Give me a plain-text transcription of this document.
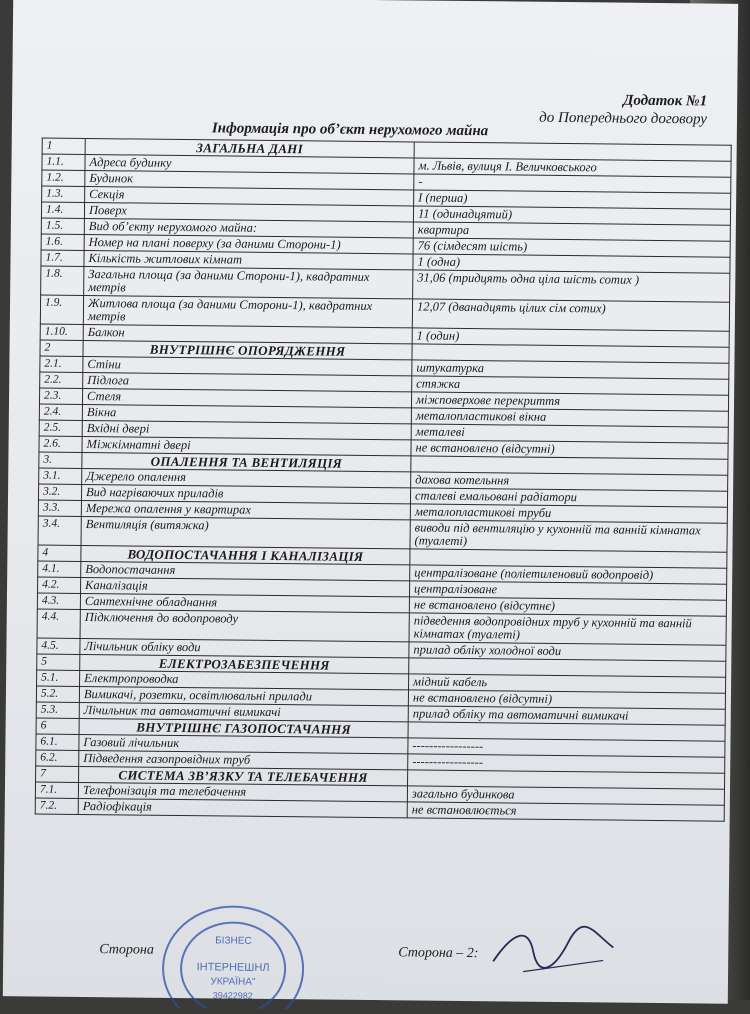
Додаток №1
до Попереднього договору
Інформація про об’єкт нерухомого майна
1	ЗАГАЛЬНА ДАНІ	
1.1.	Адреса будинку	м. Львів, вулиця І. Величковського
1.2.	Будинок	-
1.3.	Секція	І (перша)
1.4.	Поверх	11 (одинадцятий)
1.5.	Вид об’єкту нерухомого майна:	квартира
1.6.	Номер на плані поверху (за даними Сторони-1)	76 (сімдесят шість)
1.7.	Кількість житлових кімнат	1 (одна)
1.8.	Загальна площа (за даними Сторони-1), квадратних метрів	31,06 (тридцять одна ціла шість сотих )
1.9.	Житлова площа (за даними Сторони-1), квадратних метрів	12,07 (дванадцять цілих сім сотих)
1.10.	Балкон	1 (один)
2	ВНУТРІШНЄ ОПОРЯДЖЕННЯ	
2.1.	Стіни	штукатурка
2.2.	Підлога	стяжка
2.3.	Стеля	міжповерхове перекриття
2.4.	Вікна	металопластикові вікна
2.5.	Вхідні двері	металеві
2.6.	Міжкімнатні двері	не встановлено (відсутні)
3.	ОПАЛЕННЯ ТА ВЕНТИЛЯЦІЯ	
3.1.	Джерело опалення	дахова котельння
3.2.	Вид нагріваючих приладів	сталеві емальовані радіатори
3.3.	Мережа опалення у квартирах	металопластикові труби
3.4.	Вентиляція (витяжка)	виводи під вентиляцію у кухонній та ванній кімнатах (туалеті)
4	ВОДОПОСТАЧАННЯ І КАНАЛІЗАЦІЯ	
4.1.	Водопостачання	централізоване (поліетиленовий водопровід)
4.2.	Каналізація	централізоване
4.3.	Сантехнічне обладнання	не встановлено (відсутнє)
4.4.	Підключення до водопроводу	підведення водопровідних труб у кухонній та ванній кімнатах (туалеті)
4.5.	Лічильник обліку води	прилад обліку холодної води
5	ЕЛЕКТРОЗАБЕЗПЕЧЕННЯ	
5.1.	Електропроводка	мідний кабель
5.2.	Вимикачі, розетки, освітлювальні прилади	не встановлено (відсутні)
5.3.	Лічильник та автоматичні вимикачі	прилад обліку та автоматичні вимикачі
6	ВНУТРІШНЄ ГАЗОПОСТАЧАННЯ	
6.1.	Газовий лічильник	-----------------
6.2.	Підведення газопровідних труб	-----------------
7	СИСТЕМА ЗВ’ЯЗКУ ТА ТЕЛЕБАЧЕННЯ	
7.1.	Телефонізація та телебачення	загально будинкова
7.2.	Радіофікація	не встановлюється
Сторона	Сторона – 2:
БІЗНЕС
ІНТЕРНЕШНЛ
УКРАЇНА"
39422982
